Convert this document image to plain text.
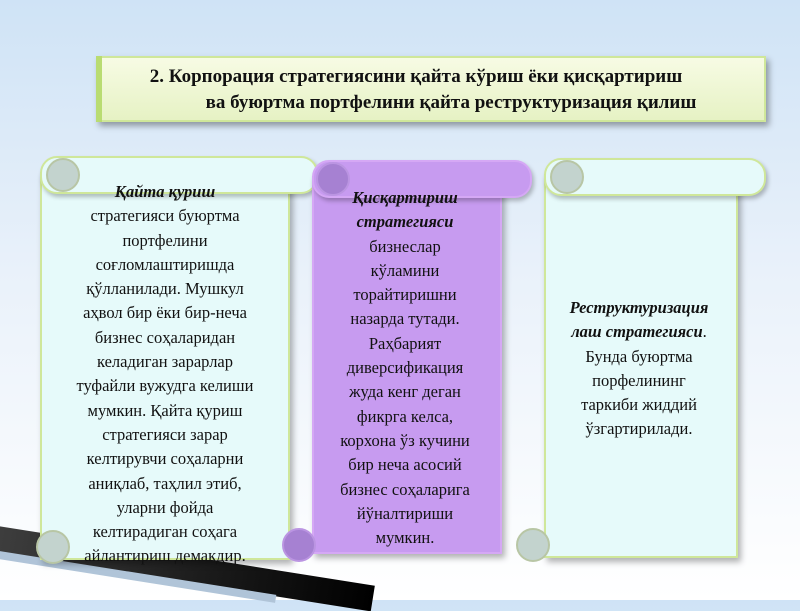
2. Корпорация стратегиясини қайта кўриш ёки қисқартириш
ва буюртма портфелини қайта реструктуризация қилиш
Қайта қуриш
стратегияси буюртма
портфелини
соғломлаштиришда
қўлланилади. Мушкул
аҳвол бир ёки бир-неча
бизнес соҳаларидан
келадиган зарарлар
туфайли вужудга келиши
мумкин. Қайта қуриш
стратегияси зарар
келтирувчи соҳаларни
аниқлаб, таҳлил этиб,
уларни фойда
келтирадиган соҳага
айлантириш демакдир.
Қисқартириш
стратегияси
бизнеслар
кўламини
торайтиришни
назарда тутади.
Раҳбарият
диверсификация
жуда кенг деган
фикрга келса,
корхона ўз кучини
бир неча асосий
бизнес соҳаларига
йўналтириши
мумкин.
Реструктуризация
лаш стратегияси.
Бунда буюртма
порфелининг
таркиби жиддий
ўзгартирилади.
